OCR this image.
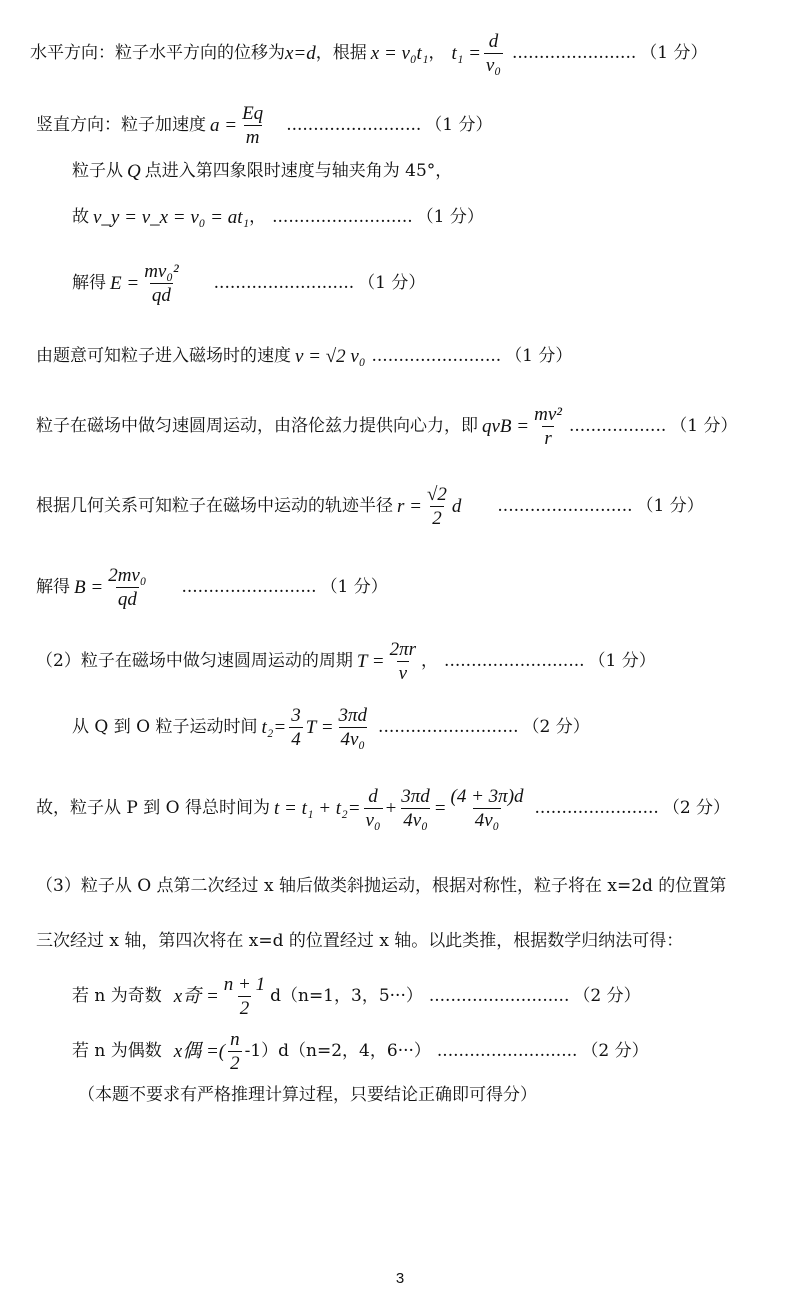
水平方向：粒子水平方向的位移为 x=d ，根据 x = v₀t₁ ， $t_1 = \frac{d}{\text{v₀}}$ ....................... （1 分）
竖直方向：粒子加速度 $a = \frac{Eq}{m}$ ......................... （1 分）
粒子从 Q 点进入第四象限时速度与轴夹角为 45°，
故 v_y = v_x = v₀ = at₁ ， .......................... （1 分）
解得 $E = \frac{\text{mv₀²}}{qd}$ .......................... （1 分）
由题意可知粒子进入磁场时的速度 v = √2 v₀ ........................ （1 分）
粒子在磁场中做匀速圆周运动，由洛伦兹力提供向心力，即 qvB = $\frac{\text{mv²}}{r}$ .................. （1 分）
根据几何关系可知粒子在磁场中运动的轨迹半径 $r = \frac{√2}{2}$ d ......................... （1 分）
解得 $B = \frac{\text{2mv₀}}{qd}$ ......................... （1 分）
（2）粒子在磁场中做匀速圆周运动的周期 $T = \frac{2\pi r}{v}$ ， .......................... （1 分）
从 Q 到 O 粒子运动时间 $t_2= \frac{3}{4}$ $T = \frac{3\pi d}{\text{4v₀}}$ .......................... （2 分）
故，粒子从 P 到 O 得总时间为 $t = t_1 + t_2= \frac{d}{\text{v₀}} + \frac{3\pi d}{\text{4v₀}} = \frac{(4 + 3\pi)d}{\text{4v₀}}$ ....................... （2 分）
（3）粒子从 O 点第二次经过 x 轴后做类斜抛运动，根据对称性，粒子将在 x=2d 的位置第
三次经过 x 轴，第四次将在 x=d 的位置经过 x 轴。以此类推，根据数学归纳法可得：
若 n 为奇数 x奇 = $\frac{n + 1}{2} d(n=1$，3，5···） .......................... （2 分）
若 n 为偶数 x偶 =( $\frac{n}{2} -1)d(n=2$，4，6···） .......................... （2 分）
（本题不要求有严格推理计算过程，只要结论正确即可得分）
3
